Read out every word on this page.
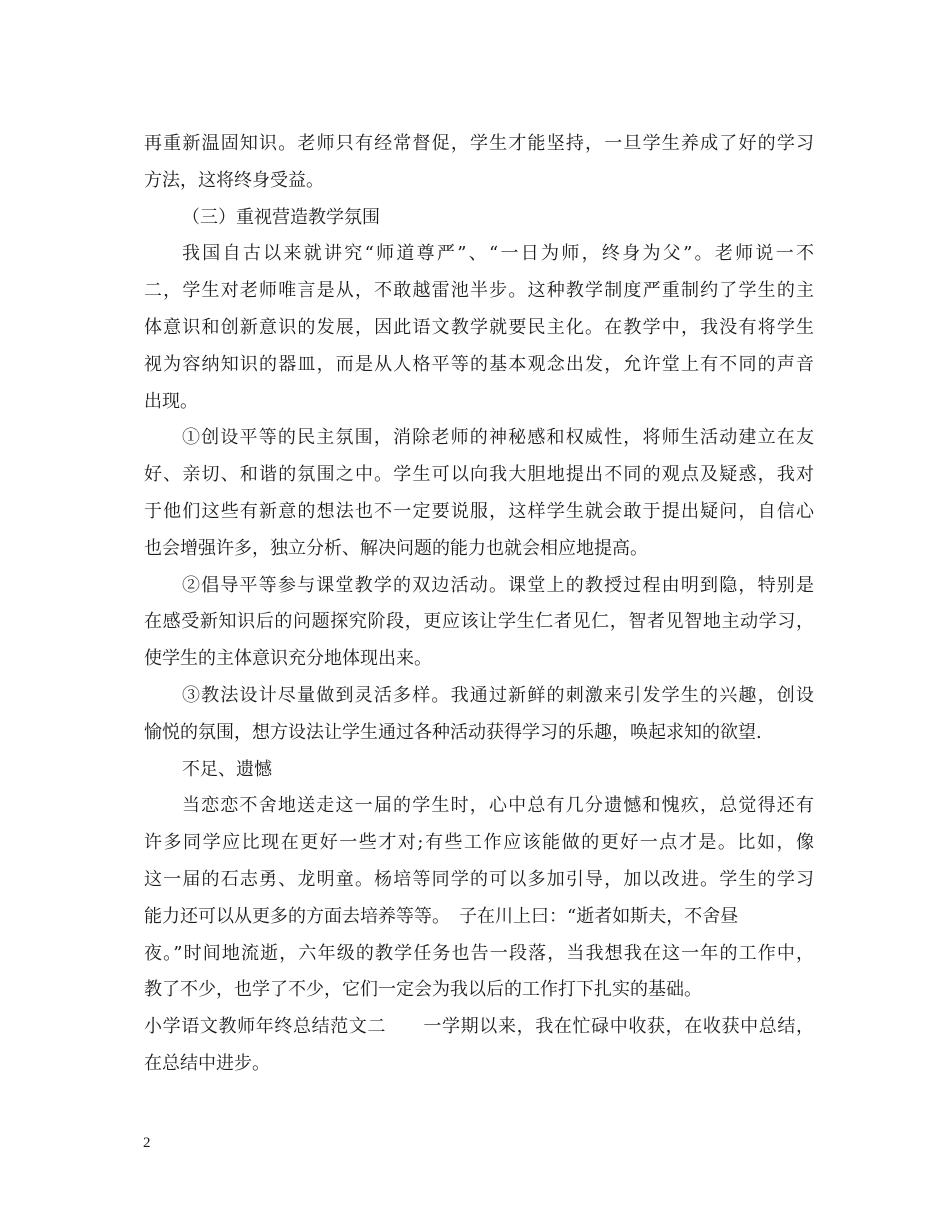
再重新温固知识。老师只有经常督促，学生才能坚持，一旦学生养成了好的学习
方法，这将终身受益。
（三）重视营造教学氛围
我国自古以来就讲究“师道尊严”、“一日为师，终身为父”。老师说一不
二，学生对老师唯言是从，不敢越雷池半步。这种教学制度严重制约了学生的主
体意识和创新意识的发展，因此语文教学就要民主化。在教学中，我没有将学生
视为容纳知识的器皿，而是从人格平等的基本观念出发，允许堂上有不同的声音
出现。
①创设平等的民主氛围，消除老师的神秘感和权威性，将师生活动建立在友
好、亲切、和谐的氛围之中。学生可以向我大胆地提出不同的观点及疑惑，我对
于他们这些有新意的想法也不一定要说服，这样学生就会敢于提出疑问，自信心
也会增强许多，独立分析、解决问题的能力也就会相应地提高。
②倡导平等参与课堂教学的双边活动。课堂上的教授过程由明到隐，特别是
在感受新知识后的问题探究阶段，更应该让学生仁者见仁，智者见智地主动学习，
使学生的主体意识充分地体现出来。
③教法设计尽量做到灵活多样。我通过新鲜的刺激来引发学生的兴趣，创设
愉悦的氛围，想方设法让学生通过各种活动获得学习的乐趣，唤起求知的欲望.
不足、遗憾
当恋恋不舍地送走这一届的学生时，心中总有几分遗憾和愧疚，总觉得还有
许多同学应比现在更好一些才对;有些工作应该能做的更好一点才是。比如，像
这一届的石志勇、龙明童。杨培等同学的可以多加引导，加以改进。学生的学习
能力还可以从更多的方面去培养等等。　子在川上曰：“逝者如斯夫，不舍昼
夜。”时间地流逝，六年级的教学任务也告一段落，当我想我在这一年的工作中，
教了不少，也学了不少，它们一定会为我以后的工作打下扎实的基础。
小学语文教师年终总结范文二　　一学期以来，我在忙碌中收获，在收获中总结，
在总结中进步。
2
